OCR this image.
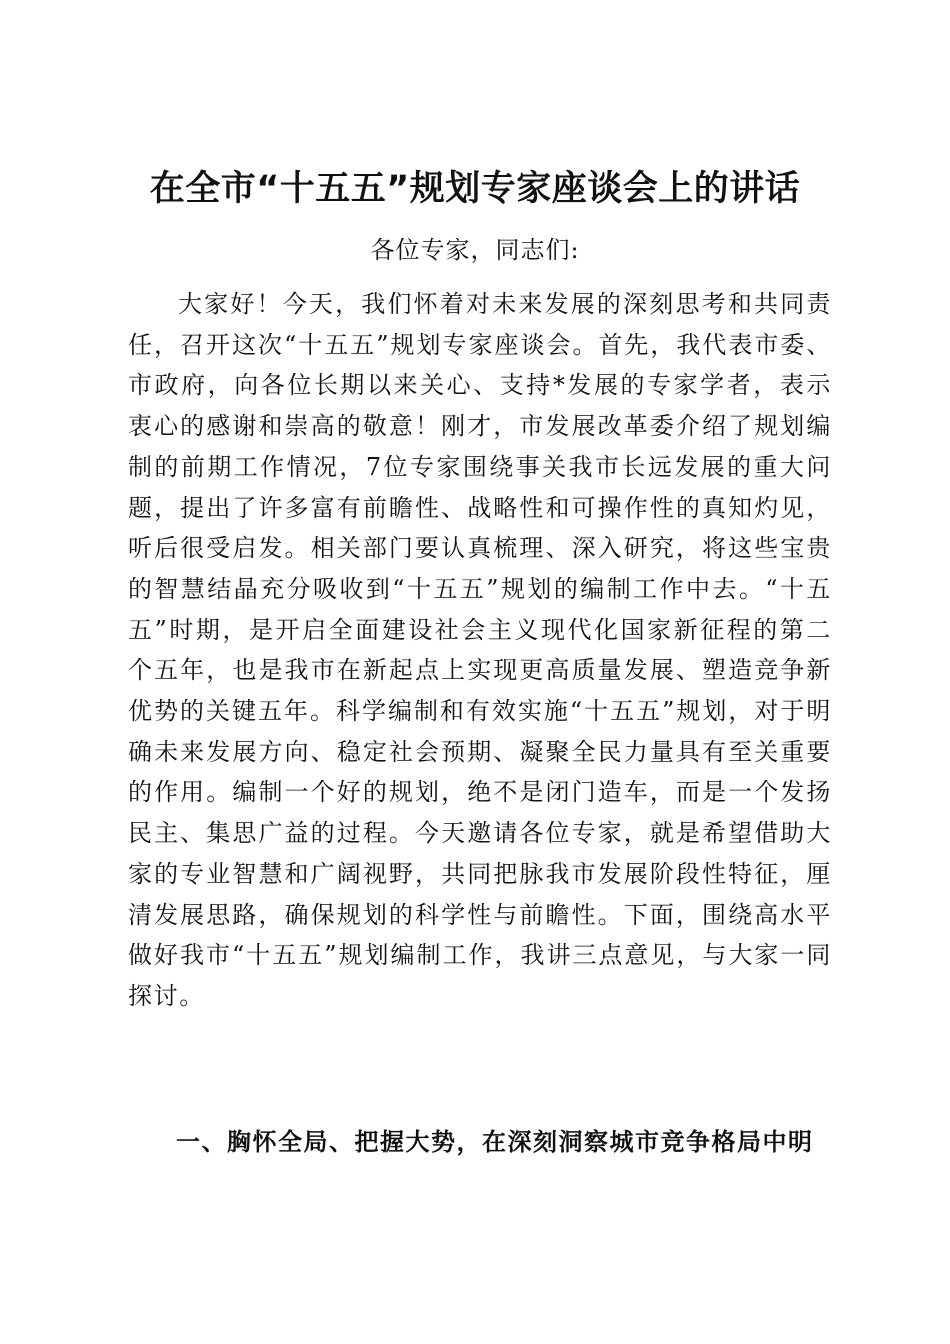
在全市“十五五”规划专家座谈会上的讲话

各位专家，同志们:

大家好！今天，我们怀着对未来发展的深刻思考和共同责任，召开这次“十五五”规划专家座谈会。首先，我代表市委、市政府，向各位长期以来关心、支持*发展的专家学者，表示衷心的感谢和崇高的敬意！刚才，市发展改革委介绍了规划编制的前期工作情况，7位专家围绕事关我市长远发展的重大问题，提出了许多富有前瞻性、战略性和可操作性的真知灼见，听后很受启发。相关部门要认真梳理、深入研究，将这些宝贵的智慧结晶充分吸收到“十五五”规划的编制工作中去。“十五五”时期，是开启全面建设社会主义现代化国家新征程的第二个五年，也是我市在新起点上实现更高质量发展、塑造竞争新优势的关键五年。科学编制和有效实施“十五五”规划，对于明确未来发展方向、稳定社会预期、凝聚全民力量具有至关重要的作用。编制一个好的规划，绝不是闭门造车，而是一个发扬民主、集思广益的过程。今天邀请各位专家，就是希望借助大家的专业智慧和广阔视野，共同把脉我市发展阶段性特征，厘清发展思路，确保规划的科学性与前瞻性。下面，围绕高水平做好我市“十五五”规划编制工作，我讲三点意见，与大家一同探讨。

一、胸怀全局、把握大势，在深刻洞察城市竞争格局中明
